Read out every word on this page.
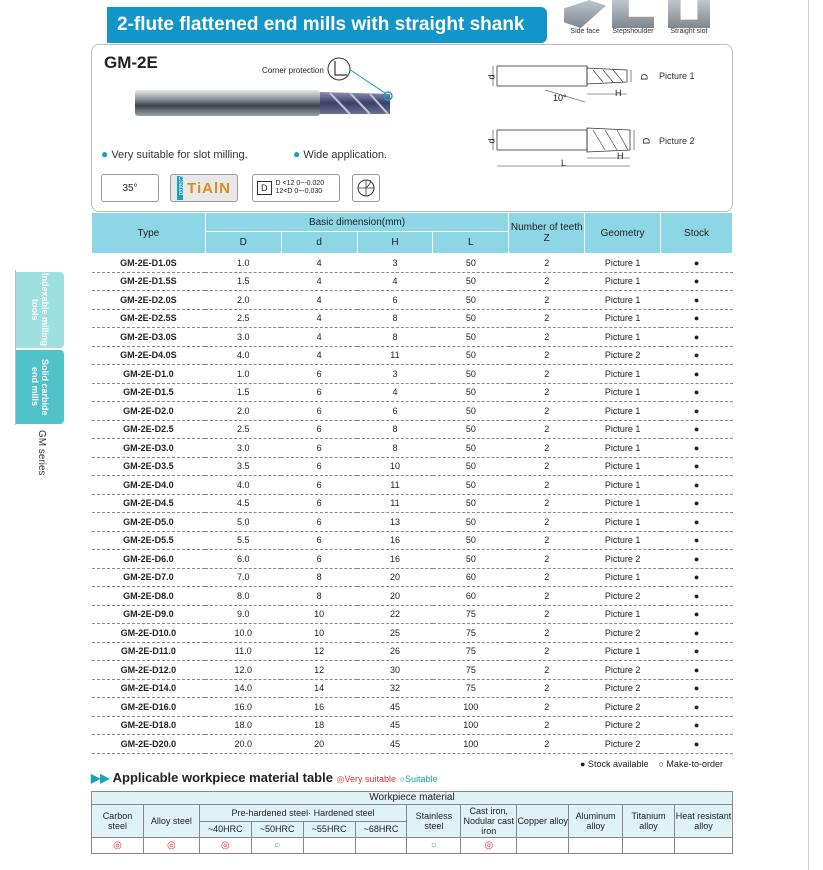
2-flute flattened end mills with straight shank	Side face	Stepshoulder	Straight slot
Indexable milling tools
Solid carbide end mills
GM series
GM-2E	Corner protection
● Very suitable for slot milling.	● Wide application.
d	D
H
10°
Picture 1
d	D
H
L
Picture 2
35°	Coated TiAlN	D	D <12 0~-0.020
12<D 0~-0.030
Type	Basic dimension(mm)				Number of teeth Z	Geometry	Stock
	D	d	H	L			
GM-2E-D1.0S	1.0	4	3	50	2	Picture 1	●
GM-2E-D1.5S	1.5	4	4	50	2	Picture 1	●
GM-2E-D2.0S	2.0	4	6	50	2	Picture 1	●
GM-2E-D2.5S	2.5	4	8	50	2	Picture 1	●
GM-2E-D3.0S	3.0	4	8	50	2	Picture 1	●
GM-2E-D4.0S	4.0	4	11	50	2	Picture 2	●
GM-2E-D1.0	1.0	6	3	50	2	Picture 1	●
GM-2E-D1.5	1.5	6	4	50	2	Picture 1	●
GM-2E-D2.0	2.0	6	6	50	2	Picture 1	●
GM-2E-D2.5	2.5	6	8	50	2	Picture 1	●
GM-2E-D3.0	3.0	6	8	50	2	Picture 1	●
GM-2E-D3.5	3.5	6	10	50	2	Picture 1	●
GM-2E-D4.0	4.0	6	11	50	2	Picture 1	●
GM-2E-D4.5	4.5	6	11	50	2	Picture 1	●
GM-2E-D5.0	5.0	6	13	50	2	Picture 1	●
GM-2E-D5.5	5.5	6	16	50	2	Picture 1	●
GM-2E-D6.0	6.0	6	16	50	2	Picture 2	●
GM-2E-D7.0	7.0	8	20	60	2	Picture 1	●
GM-2E-D8.0	8.0	8	20	60	2	Picture 2	●
GM-2E-D9.0	9.0	10	22	75	2	Picture 1	●
GM-2E-D10.0	10.0	10	25	75	2	Picture 2	●
GM-2E-D11.0	11.0	12	26	75	2	Picture 1	●
GM-2E-D12.0	12.0	12	30	75	2	Picture 2	●
GM-2E-D14.0	14.0	14	32	75	2	Picture 2	●
GM-2E-D16.0	16.0	16	45	100	2	Picture 2	●
GM-2E-D18.0	18.0	18	45	100	2	Picture 2	●
GM-2E-D20.0	20.0	20	45	100	2	Picture 2	●
● Stock available ○ Make-to-order
▶▶ Applicable workpiece material table ◎Very suitable ○Suitable
Workpiece material											
Carbon steel	Alloy steel	Pre-hardened steel· Hardened steel				Stainless steel	Cast iron, Nodular cast iron	Copper alloy	Aluminum alloy	Titanium alloy	Heat resistant alloy
		~40HRC	~50HRC	~55HRC	~68HRC						
◎	◎	◎	○			○	◎				
